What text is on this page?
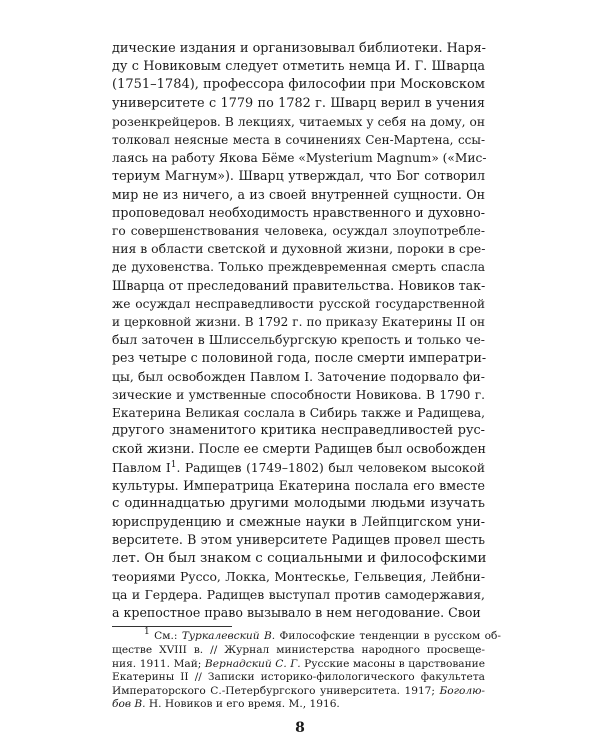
дические издания и организовывал библиотеки. Наря-
ду с Новиковым следует отметить немца И. Г. Шварца
(1751–1784), профессора философии при Московском
университете с 1779 по 1782 г. Шварц верил в учения
розенкрейцеров. В лекциях, читаемых у себя на дому, он
толковал неясные места в сочинениях Сен-Мартена, ссы-
лаясь на работу Якова Бёме «Mysterium Magnum» («Мис-
териум Магнум»). Шварц утверждал, что Бог сотворил
мир не из ничего, а из своей внутренней сущности. Он
проповедовал необходимость нравственного и духовно-
го совершенствования человека, осуждал злоупотребле-
ния в области светской и духовной жизни, пороки в сре-
де духовенства. Только преждевременная смерть спасла
Шварца от преследований правительства. Новиков так-
же осуждал несправедливости русской государственной
и церковной жизни. В 1792 г. по приказу Екатерины II он
был заточен в Шлиссельбургскую крепость и только че-
рез четыре с половиной года, после смерти императри-
цы, был освобожден Павлом I. Заточение подорвало фи-
зические и умственные способности Новикова. В 1790 г.
Екатерина Великая сослала в Сибирь также и Радищева,
другого знаменитого критика несправедливостей рус-
ской жизни. После ее смерти Радищев был освобожден
Павлом $I^1$. Радищев (1749–1802) был человеком высокой
культуры. Императрица Екатерина послала его вместе
с одиннадцатью другими молодыми людьми изучать
юриспруденцию и смежные науки в Лейпцигском уни-
верситете. В этом университете Радищев провел шесть
лет. Он был знаком с социальными и философскими
теориями Руссо, Локка, Монтескье, Гельвеция, Лейбни-
ца и Гердера. Радищев выступал против самодержавия,
а крепостное право вызывало в нем негодование. Свои
$^1$ См.: Туркалевский В. Философские тенденции в русском об-
ществе XVIII в. // Журнал министерства народного просвеще-
ния. 1911. Май; Вернадский С. Г. Русские масоны в царствование
Екатерины II // Записки историко-филологического факультета
Императорского С.-Петербургского университета. 1917; Боголю-
бов В. Н. Новиков и его время. М., 1916.
8
